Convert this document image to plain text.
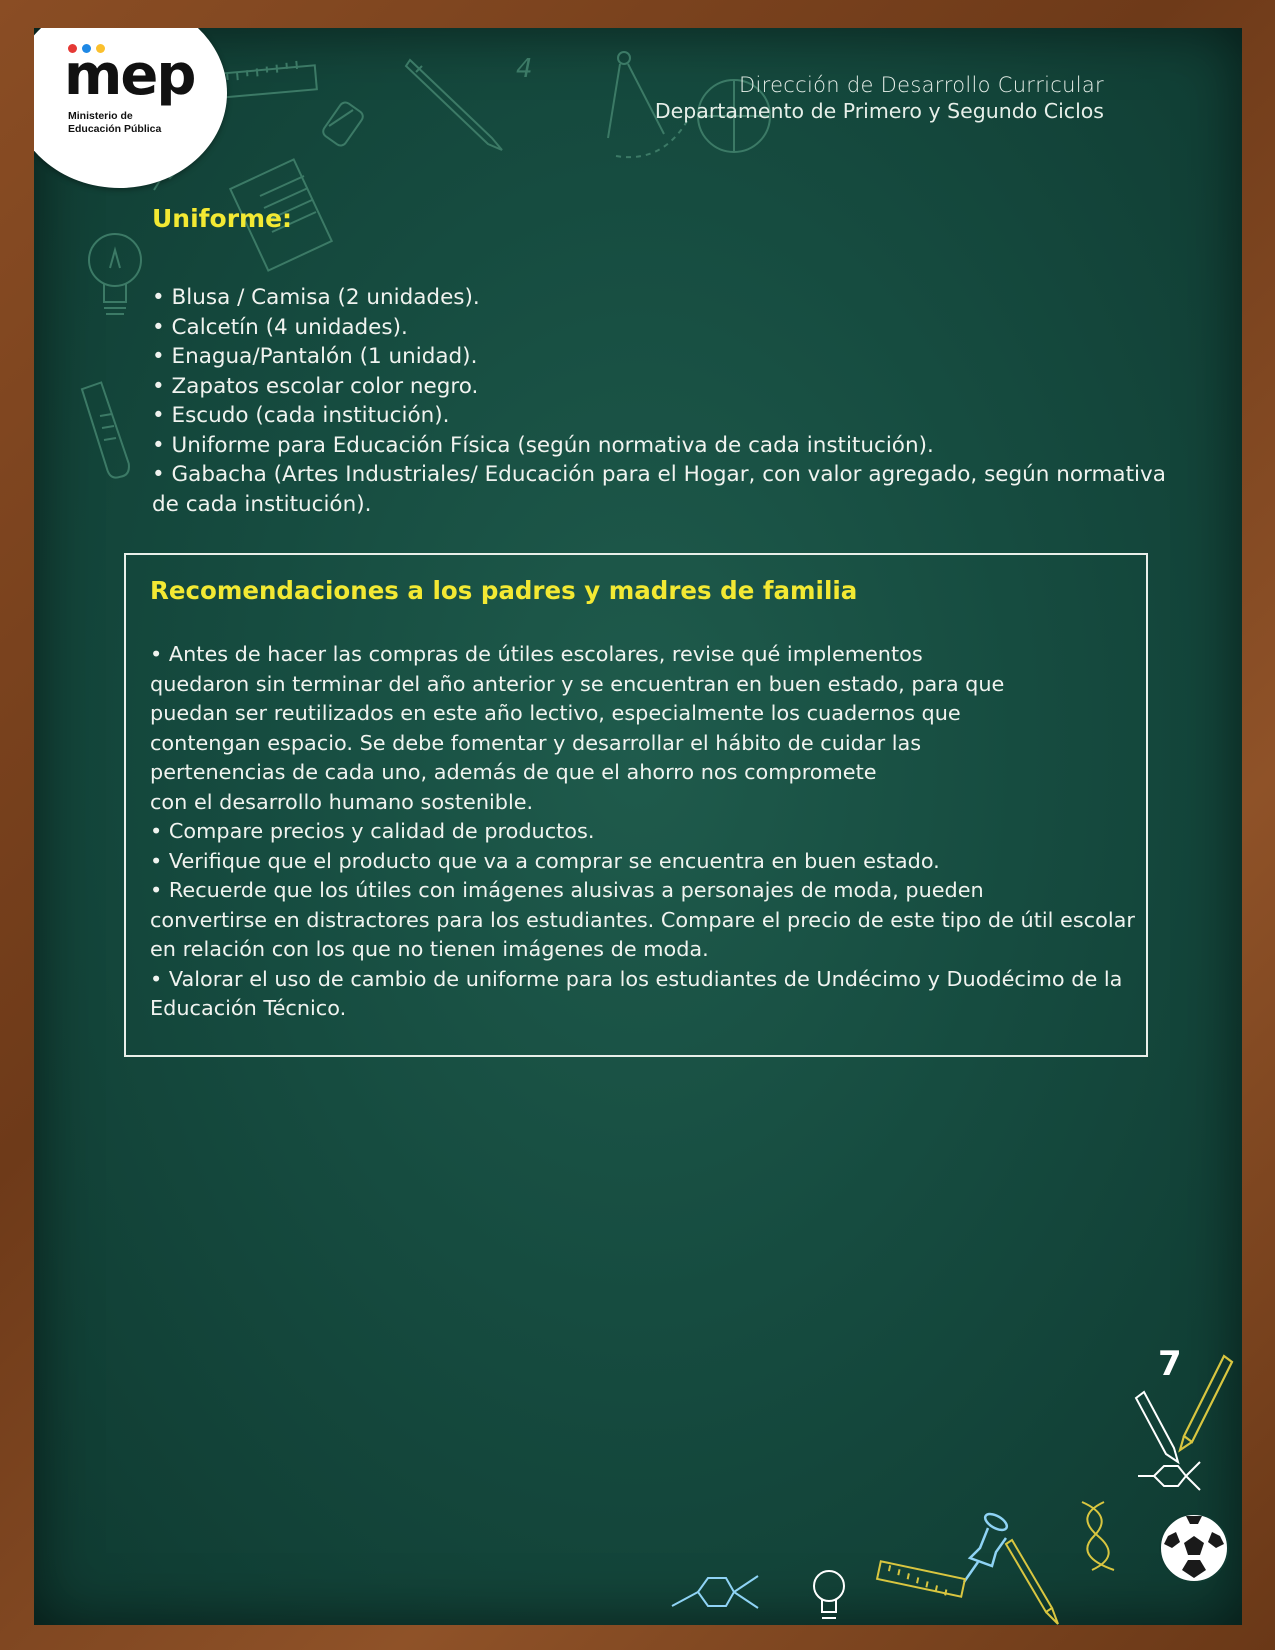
4
mep
Ministerio de
Educación Pública
Dirección de Desarrollo Curricular
Departamento de Primero y Segundo Ciclos
Uniforme:
• Blusa / Camisa (2 unidades).
• Calcetín (4 unidades).
• Enagua/Pantalón (1 unidad).
• Zapatos escolar color negro.
• Escudo (cada institución).
• Uniforme para Educación Física (según normativa de cada institución).
• Gabacha (Artes Industriales/ Educación para el Hogar, con valor agregado, según normativa
de cada institución).
Recomendaciones a los padres y madres de familia
• Antes de hacer las compras de útiles escolares, revise qué implementos
quedaron sin terminar del año anterior y se encuentran en buen estado, para que
puedan ser reutilizados en este año lectivo, especialmente los cuadernos que
contengan espacio. Se debe fomentar y desarrollar el hábito de cuidar las
pertenencias de cada uno, además de que el ahorro nos compromete
con el desarrollo humano sostenible.
• Compare precios y calidad de productos.
• Verifique que el producto que va a comprar se encuentra en buen estado.
• Recuerde que los útiles con imágenes alusivas a personajes de moda, pueden
convertirse en distractores para los estudiantes. Compare el precio de este tipo de útil escolar
en relación con los que no tienen imágenes de moda.
• Valorar el uso de cambio de uniforme para los estudiantes de Undécimo y Duodécimo de la
Educación Técnico.
7
